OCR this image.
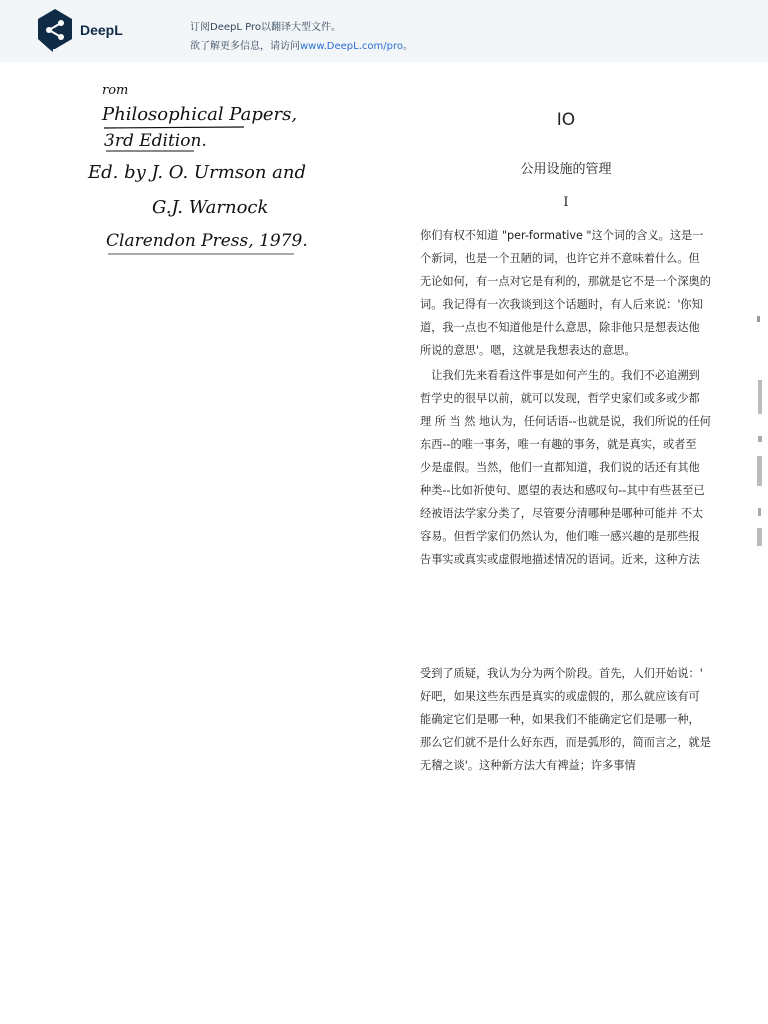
DeepL	订阅DeepL Pro以翻译大型文件。
欲了解更多信息，请访问www.DeepL.com/pro。
rom
Philosophical Papers,
3rd Edition.
Ed. by J. O. Urmson and
G.J. Warnock
Clarendon Press, 1979.
IO
公用设施的管理
I
你们有权不知道 "per-formative "这个词的含义。这是一
个新词，也是一个丑陋的词，也许它并不意味着什么。但
无论如何，有一点对它是有利的，那就是它不是一个深奥的
词。我记得有一次我谈到这个话题时，有人后来说：'你知
道，我一点也不知道他是什么意思，除非他只是想表达他
所说的意思'。嗯，这就是我想表达的意思。
　让我们先来看看这件事是如何产生的。我们不必追溯到
哲学史的很早以前，就可以发现，哲学史家们或多或少都
理 所 当 然 地认为，任何话语--也就是说，我们所说的任何
东西--的唯一事务，唯一有趣的事务，就是真实，或者至
少是虚假。当然，他们一直都知道，我们说的话还有其他
种类--比如祈使句、愿望的表达和感叹句--其中有些甚至已
经被语法学家分类了，尽管要分清哪种是哪种可能并 不太
容易。但哲学家们仍然认为，他们唯一感兴趣的是那些报
告事实或真实或虚假地描述情况的语词。近来，这种方法
受到了质疑，我认为分为两个阶段。首先，人们开始说：'
好吧，如果这些东西是真实的或虚假的，那么就应该有可
能确定它们是哪一种，如果我们不能确定它们是哪一种，
那么它们就不是什么好东西，而是弧形的，简而言之，就是
无稽之谈'。这种新方法大有裨益；许多事情
